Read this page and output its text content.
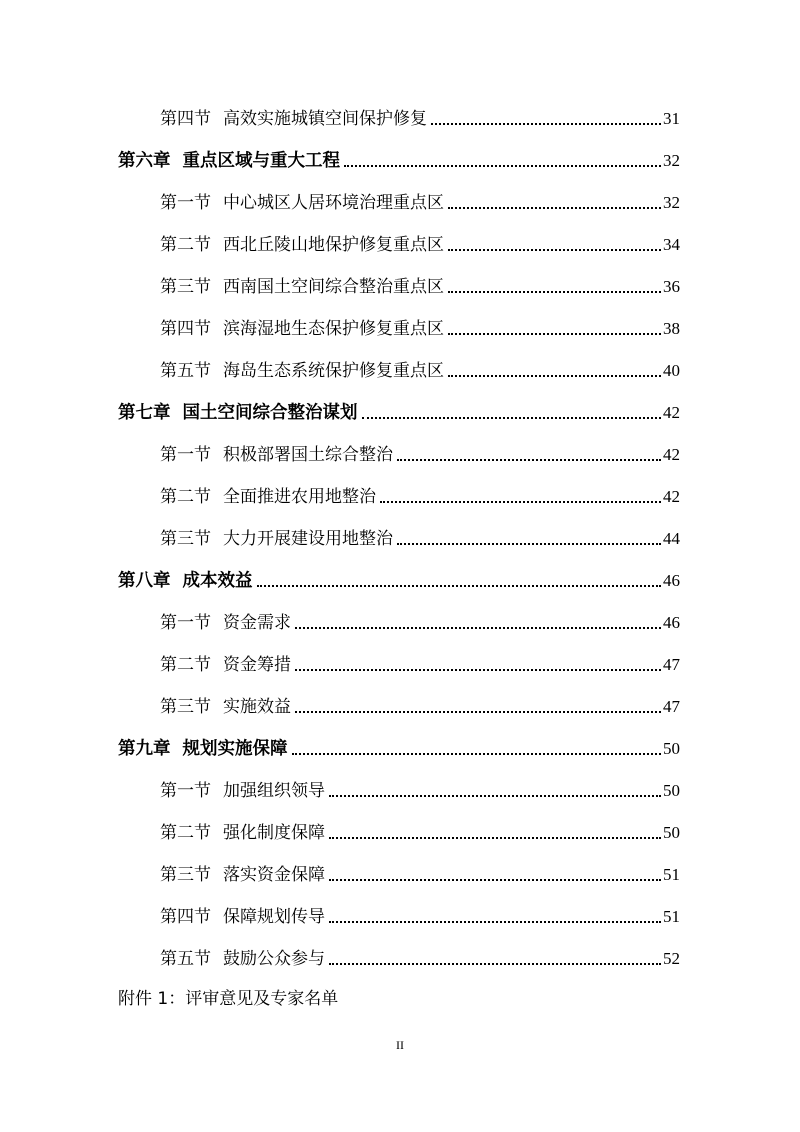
第四节 高效实施城镇空间保护修复	31
第六章 重点区域与重大工程	32
第一节 中心城区人居环境治理重点区	32
第二节 西北丘陵山地保护修复重点区	34
第三节 西南国土空间综合整治重点区	36
第四节 滨海湿地生态保护修复重点区	38
第五节 海岛生态系统保护修复重点区	40
第七章 国土空间综合整治谋划	42
第一节 积极部署国土综合整治	42
第二节 全面推进农用地整治	42
第三节 大力开展建设用地整治	44
第八章 成本效益	46
第一节 资金需求	46
第二节 资金筹措	47
第三节 实施效益	47
第九章 规划实施保障	50
第一节 加强组织领导	50
第二节 强化制度保障	50
第三节 落实资金保障	51
第四节 保障规划传导	51
第五节 鼓励公众参与	52
附件 1：评审意见及专家名单
II
